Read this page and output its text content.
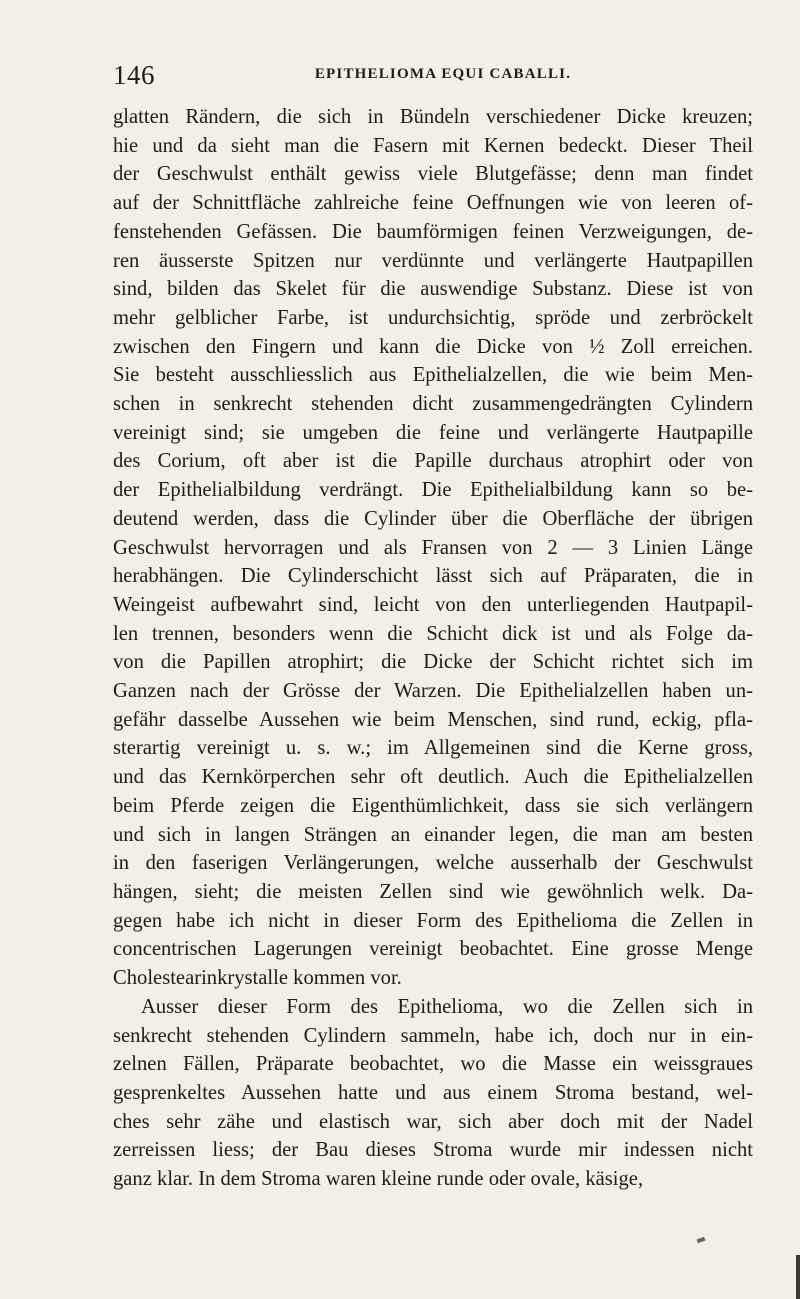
146	EPITHELIOMA EQUI CABALLI.
glatten Rändern, die sich in Bündeln verschiedener Dicke kreuzen;
hie und da sieht man die Fasern mit Kernen bedeckt. Dieser Theil
der Geschwulst enthält gewiss viele Blutgefässe; denn man findet
auf der Schnittfläche zahlreiche feine Oeffnungen wie von leeren of-
fenstehenden Gefässen. Die baumförmigen feinen Verzweigungen, de-
ren äusserste Spitzen nur verdünnte und verlängerte Hautpapillen
sind, bilden das Skelet für die auswendige Substanz. Diese ist von
mehr gelblicher Farbe, ist undurchsichtig, spröde und zerbröckelt
zwischen den Fingern und kann die Dicke von ½ Zoll erreichen.
Sie besteht ausschliesslich aus Epithelialzellen, die wie beim Men-
schen in senkrecht stehenden dicht zusammengedrängten Cylindern
vereinigt sind; sie umgeben die feine und verlängerte Hautpapille
des Corium, oft aber ist die Papille durchaus atrophirt oder von
der Epithelialbildung verdrängt. Die Epithelialbildung kann so be-
deutend werden, dass die Cylinder über die Oberfläche der übrigen
Geschwulst hervorragen und als Fransen von 2 — 3 Linien Länge
herabhängen. Die Cylinderschicht lässt sich auf Präparaten, die in
Weingeist aufbewahrt sind, leicht von den unterliegenden Hautpapil-
len trennen, besonders wenn die Schicht dick ist und als Folge da-
von die Papillen atrophirt; die Dicke der Schicht richtet sich im
Ganzen nach der Grösse der Warzen. Die Epithelialzellen haben un-
gefähr dasselbe Aussehen wie beim Menschen, sind rund, eckig, pfla-
sterartig vereinigt u. s. w.; im Allgemeinen sind die Kerne gross,
und das Kernkörperchen sehr oft deutlich. Auch die Epithelialzellen
beim Pferde zeigen die Eigenthümlichkeit, dass sie sich verlängern
und sich in langen Strängen an einander legen, die man am besten
in den faserigen Verlängerungen, welche ausserhalb der Geschwulst
hängen, sieht; die meisten Zellen sind wie gewöhnlich welk. Da-
gegen habe ich nicht in dieser Form des Epithelioma die Zellen in
concentrischen Lagerungen vereinigt beobachtet. Eine grosse Menge
Cholestearinkrystalle kommen vor.
Ausser dieser Form des Epithelioma, wo die Zellen sich in
senkrecht stehenden Cylindern sammeln, habe ich, doch nur in ein-
zelnen Fällen, Präparate beobachtet, wo die Masse ein weissgraues
gesprenkeltes Aussehen hatte und aus einem Stroma bestand, wel-
ches sehr zähe und elastisch war, sich aber doch mit der Nadel
zerreissen liess; der Bau dieses Stroma wurde mir indessen nicht
ganz klar. In dem Stroma waren kleine runde oder ovale, käsige,
